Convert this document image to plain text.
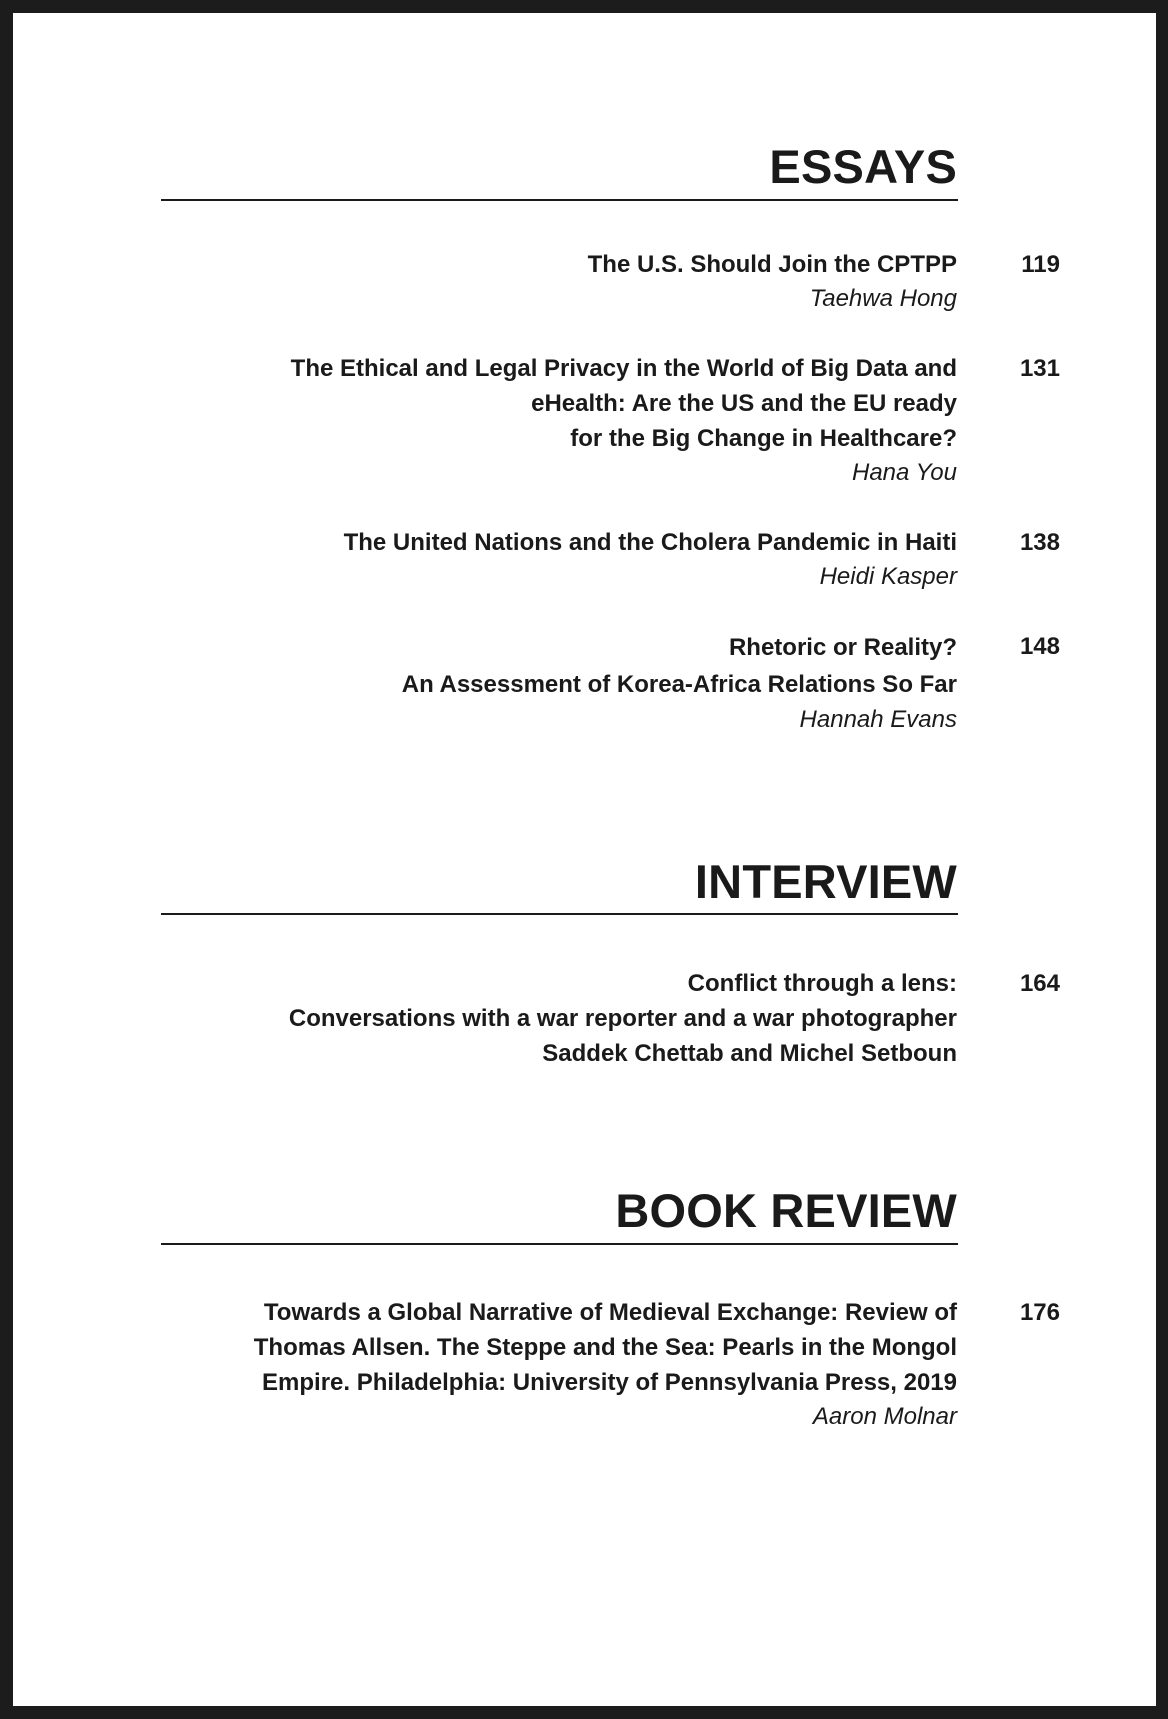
ESSAYS
The U.S. Should Join the CPTPP
Taehwa Hong
119
The Ethical and Legal Privacy in the World of Big Data and
eHealth: Are the US and the EU ready
for the Big Change in Healthcare?
Hana You
131
The United Nations and the Cholera Pandemic in Haiti
Heidi Kasper
138
Rhetoric or Reality?
An Assessment of Korea-Africa Relations So Far
Hannah Evans
148
INTERVIEW
Conflict through a lens:
Conversations with a war reporter and a war photographer
Saddek Chettab and Michel Setboun
164
BOOK REVIEW
Towards a Global Narrative of Medieval Exchange: Review of
Thomas Allsen. The Steppe and the Sea: Pearls in the Mongol
Empire. Philadelphia: University of Pennsylvania Press, 2019
Aaron Molnar
176
